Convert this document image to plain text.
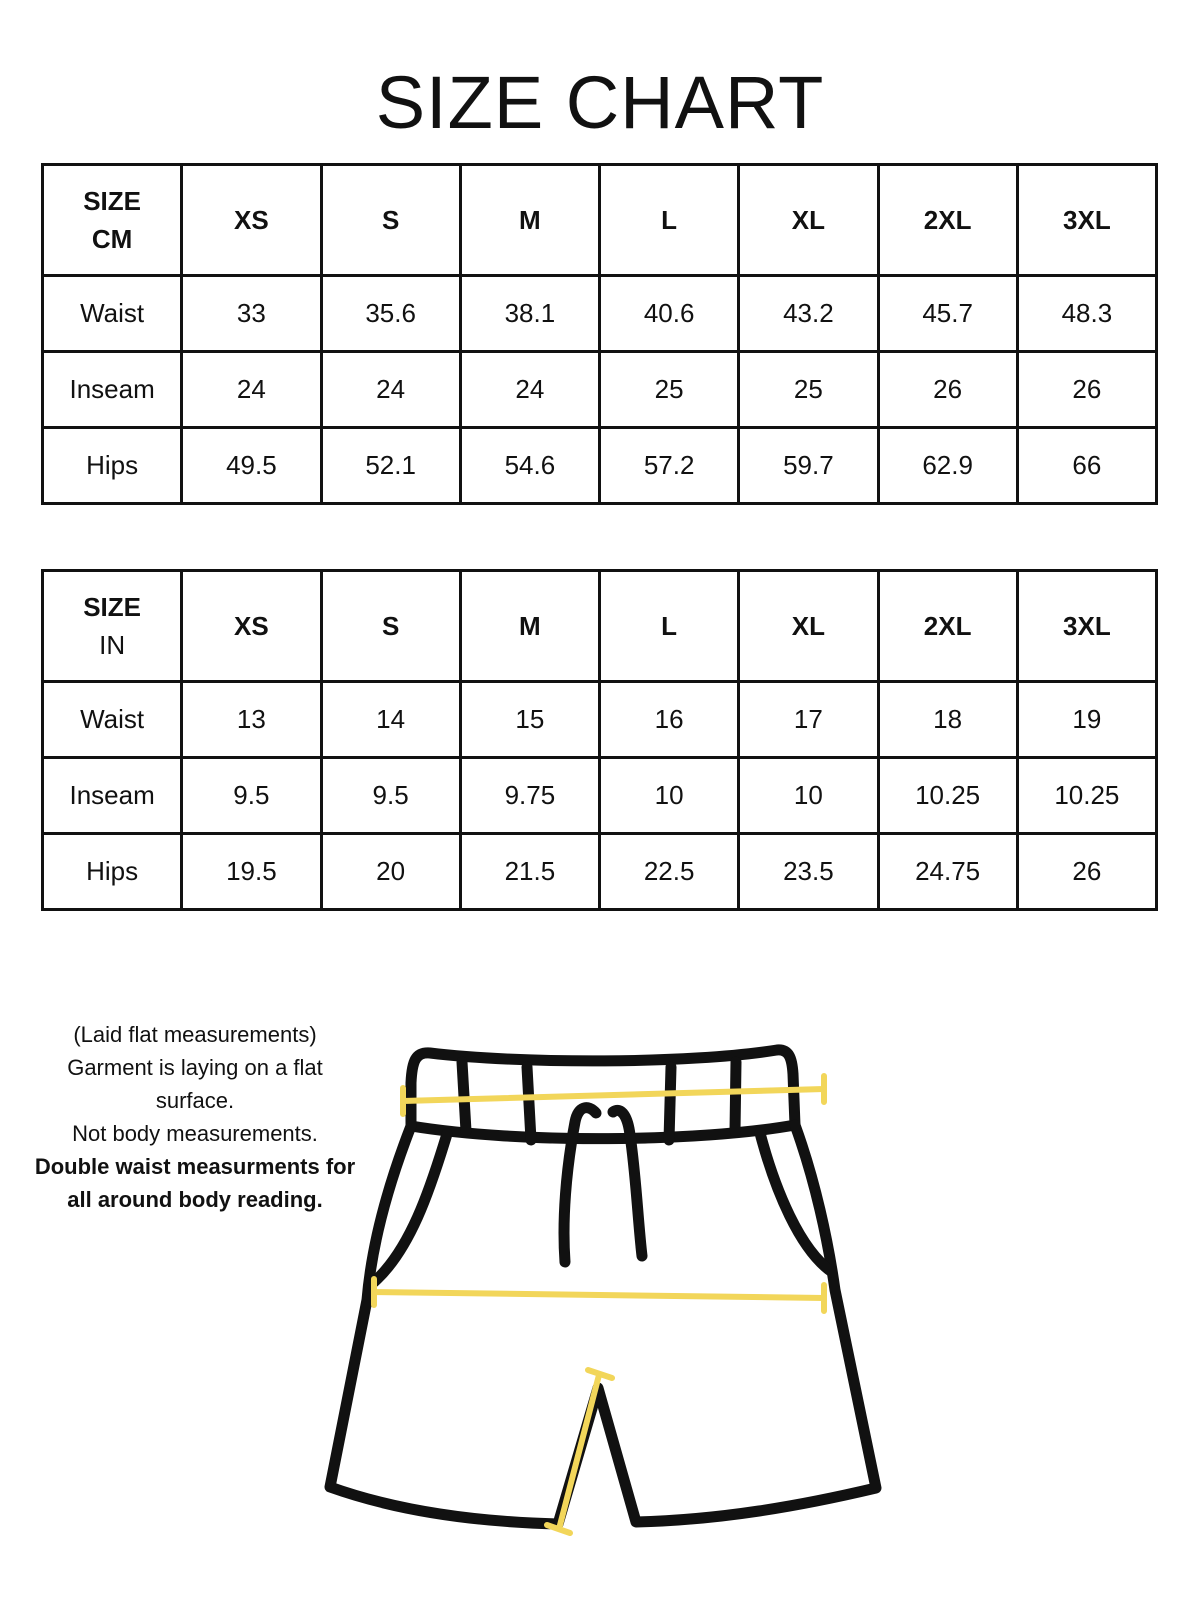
SIZE CHART
SIZE
CM	XS	S	M	L	XL	2XL	3XL
Waist	33	35.6	38.1	40.6	43.2	45.7	48.3
Inseam	24	24	24	25	25	26	26
Hips	49.5	52.1	54.6	57.2	59.7	62.9	66
SIZE
IN	XS	S	M	L	XL	2XL	3XL
Waist	13	14	15	16	17	18	19
Inseam	9.5	9.5	9.75	10	10	10.25	10.25
Hips	19.5	20	21.5	22.5	23.5	24.75	26
(Laid flat measurements)
Garment is laying on a flat surface.
Not body measurements.
Double waist measurments for all around body reading.
